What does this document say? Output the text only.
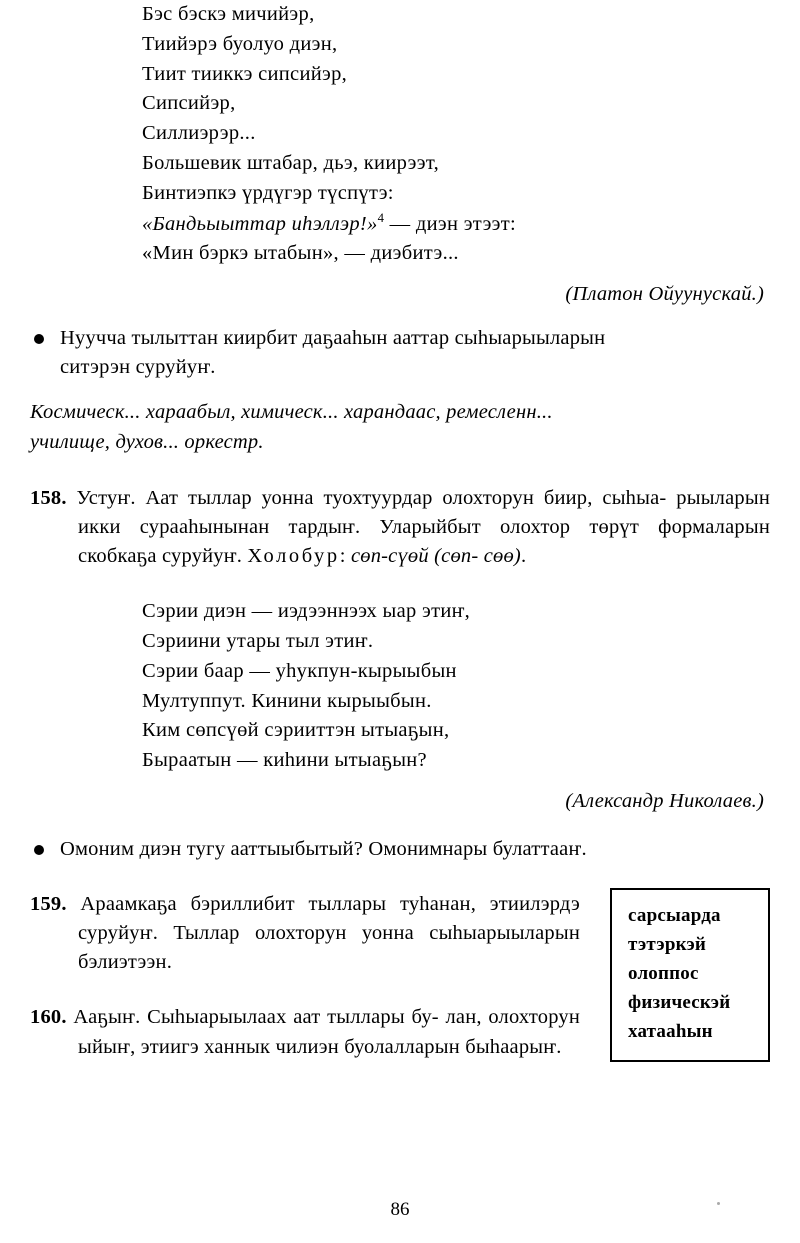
Бэс бэскэ мичийэр,
Тиийэрэ буолуо диэн,
Тиит тииккэ сипсийэр,
Сипсийэр,
Силлиэрэр...
Большевик штабар, дьэ, киирээт,
Бинтиэпкэ үрдүгэр түспүтэ:
«Бандьыыттар иһэллэр!»$^4$ — диэн этээт:
«Мин бэркэ ытабын», — диэбитэ...
(Платон Ойуунускай.)
Нуучча тылыттан киирбит даҕааһын ааттар сыһыарыыларын
ситэрэн суруйуҥ.
Космическ... хараабыл, химическ... харандаас, ремесленн...
училище, духов... оркестр.
158. Устуҥ. Аат тыллар уонна туохтуурдар олохторун биир, сыһыа- рыыларын икки сурааһынынан тардыҥ. Уларыйбыт олохтор төрүт формаларын скобкаҕа суруйуҥ. Холобур: сөп-сүөй (сөп- сөө).
Сэрии диэн — иэдээннээх ыар этиҥ,
Сэриини утары тыл этиҥ.
Сэрии баар — уһукпун-кырыыбын
Мултуппут. Кинини кырыыбын.
Ким сөпсүөй сэрииттэн ытыаҕын,
Быраатын — киһини ытыаҕын?
(Александр Николаев.)
Омоним диэн тугу ааттыыбытый? Омонимнары булаттааҥ.
159. Араамкаҕа бэриллибит тыллары туһанан, этиилэрдэ суруйуҥ. Тыллар олохторун уонна сыһыарыыларын бэлиэтээн.
160. Ааҕыҥ. Сыһыарыылаах аат тыллары бу- лан, олохторун ыйыҥ, этиигэ ханнык чилиэн буолалларын быһаарыҥ.
сарсыарда
тэтэркэй
олоппос
физическэй
хатааһын
86
